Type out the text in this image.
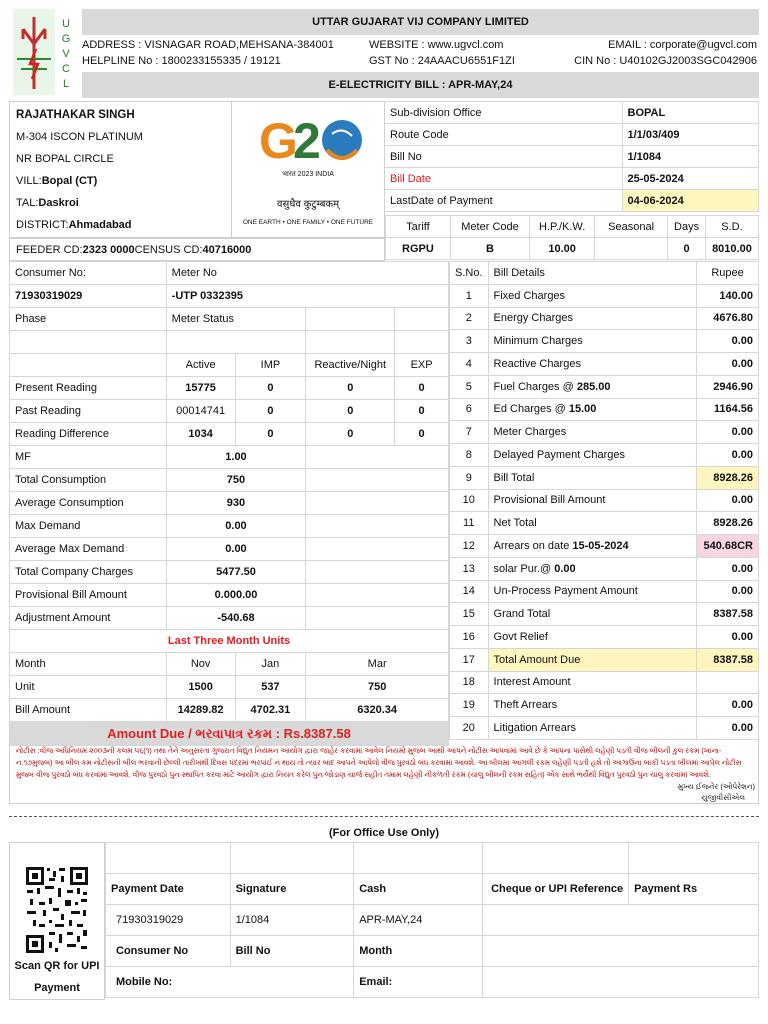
U
G
V
C
L
UTTAR GUJARAT VIJ COMPANY LIMITED
ADDRESS : VISNAGAR ROAD,MEHSANA-384001	WEBSITE : www.ugvcl.com	EMAIL : corporate@ugvcl.com
HELPLINE No : 1800233155335 / 19121	GST No : 24AAACU6551F1ZI	CIN No : U40102GJ2003SGC042906
E-ELECTRICITY BILL : APR-MAY,24
RAJATHAKAR SINGH
M-304 ISCON PLATINUM
NR BOPAL CIRCLE
VILL:Bopal (CT)
TAL:Daskroi
DISTRICT:Ahmadabad
G
2
भारत 2023 INDIA
वसुधैव कुटुम्बकम्
ONE EARTH • ONE FAMILY • ONE FUTURE
Sub-division Office	BOPAL
Route Code	1/1/03/409
Bill No	1/1084
Bill Date	25-05-2024
LastDate of Payment	04-06-2024
Tariff	Meter Code	H.P./K.W.	Seasonal	Days	S.D.
RGPU	B	10.00		0	8010.00
FEEDER CD:2323 0000CENSUS CD:40716000
Consumer No:	Meter No			
71930319029	-UTP 0332395			
Phase	Meter Status			

	Active	IMP	Reactive/Night	EXP
Present Reading	15775	0	0	0
Past Reading	00014741	0	0	0
Reading Difference	1034	0	0	0
MF	1.00			
Total Consumption	750			
Average Consumption	930			
Max Demand	0.00			
Average Max Demand	0.00			
Total Company Charges	5477.50			
Provisional Bill Amount	0.000.00			
Adjustment Amount	-540.68			
Last Three Month Units				
Month	Nov	Jan	Mar	
Unit	1500	537	750	
Bill Amount	14289.82	4702.31	6320.34	
Amount Due / ભરવાપાત્ર રકમ : Rs.8387.58				
S.No.	Bill Details	Rupee
1	Fixed Charges	140.00
2	Energy Charges	4676.80
3	Minimum Charges	0.00
4	Reactive Charges	0.00
5	Fuel Charges @ 285.00	2946.90
6	Ed Charges @ 15.00	1164.56
7	Meter Charges	0.00
8	Delayed Payment Charges	0.00
9	Bill Total	8928.26
10	Provisional Bill Amount	0.00
11	Net Total	8928.26
12	Arrears on date 15-05-2024	540.68CR
13	solar Pur.@ 0.00	0.00
14	Un-Process Payment Amount	0.00
15	Grand Total	8387.58
16	Govt Relief	0.00
17	Total Amount Due	8387.58
18	Interest Amount	
19	Theft Arrears	0.00
20	Litigation Arrears	0.00
નોટીસ :વીજ અધિનિયમ ૨૦૦૩ની કલમ ૫૬(૧) તથા તેને અનુસરતા ગુજરાત વિદ્યુત નિયમન આયોગ દ્વારા જાહેર કરવામાં આવેલ નિયમો મુજબ આથી આપને નોટીસ આપવામાં આવે છે કે આપના પાસેથી લહેણી પડતી વીજ બીલની કુલ રકમ (ખાના-ન.૧૭મુજબ) આ બીલ કમ નોટીસની બીલ ભરવાની છેલ્લી તારીખથી દિવસ પંદરમાં ભરપાઈ ન થાય તો ત્યાર બાદ આપને આપેલો વીજ પુરવઠો બંધ કરવામાં આવશે. આ બીલમાં આગલી રકમ લહેણી પડતી હશે તો આગાઉના બાકી પડતા બીલમાં આપેલ નોટીસ મુજબ વીજ પુરવઠો બંધ કરવામાં આવશે. વીજ પુરવઠો પુનઃસ્થાપિત કરવા માટે આયોગ દ્વારા નિયત કરેલ પુનઃજોડાણ ચાર્જ સહીત તમામ લહેણી નીકળતી રકમ (ચાલુ બીલની રકમ સહિત) એક સાથે ભર્યેથી વિદ્યુત પુરવઠો પુનઃચાલુ કરવામાં આવશે.
મુખ્ય ઈજનેર (ઓપેરેશન)
યુજીવીસીએલ
(For Office Use Only)
Scan QR for UPI
Payment

Payment Date	Signature	Cash	Cheque or UPI Reference	Payment Rs
71930319029	1/1084	APR-MAY,24		
Consumer No	Bill No	Month		
Mobile No:		Email:		
